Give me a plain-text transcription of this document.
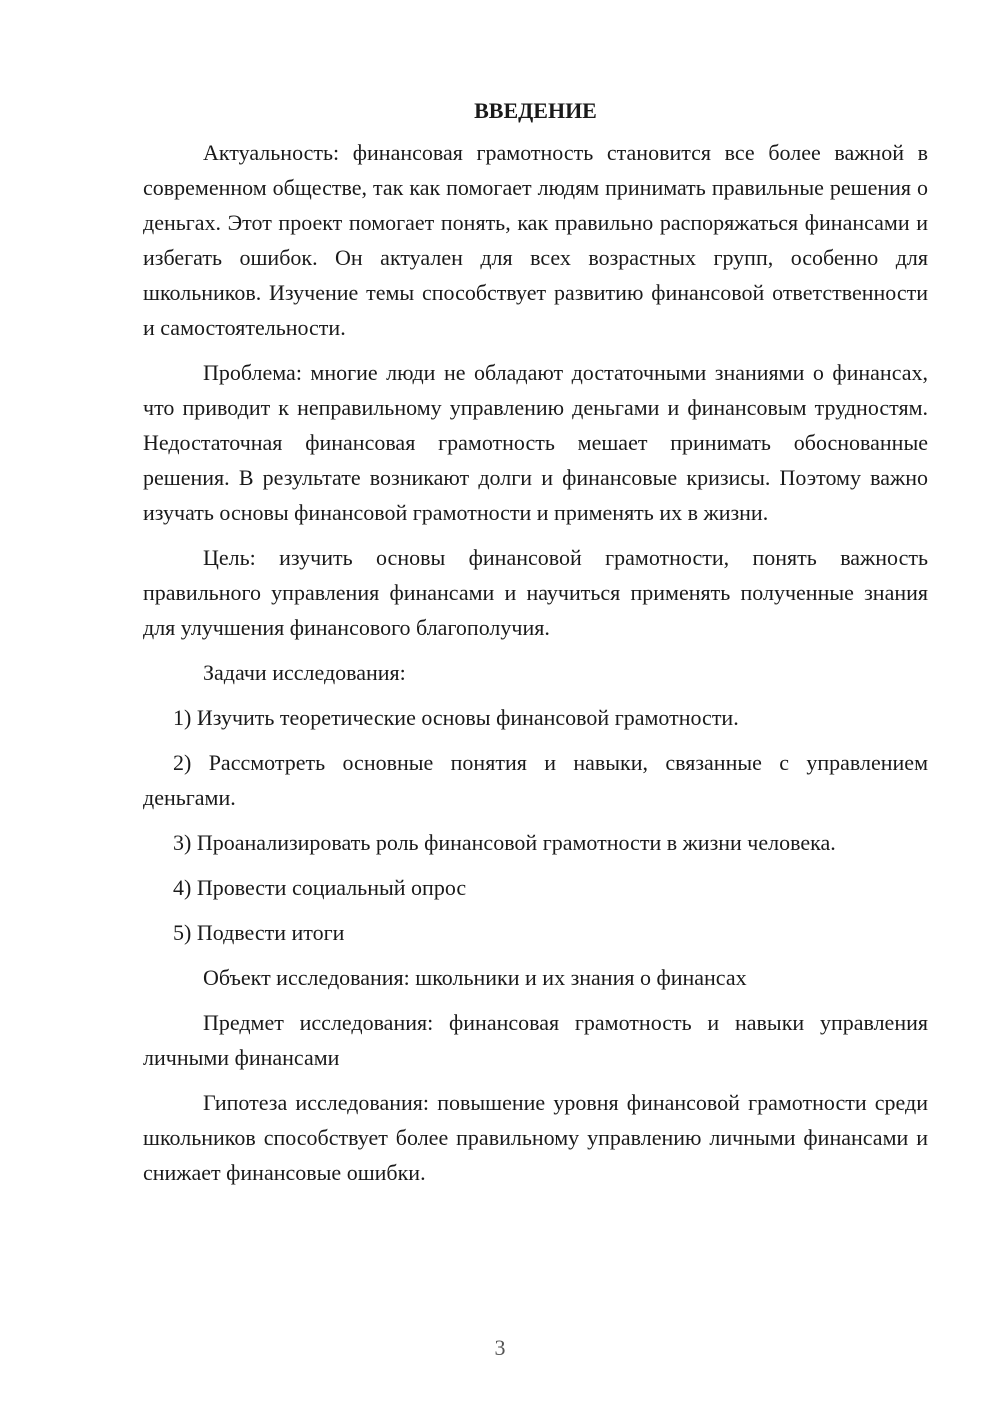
ВВЕДЕНИЕ

Актуальность: финансовая грамотность становится все более важной в современном обществе, так как помогает людям принимать правильные решения о деньгах. Этот проект помогает понять, как правильно распоряжаться финансами и избегать ошибок. Он актуален для всех возрастных групп, особенно для школьников. Изучение темы способствует развитию финансовой ответственности и самостоятельности.

Проблема: многие люди не обладают достаточными знаниями о финансах, что приводит к неправильному управлению деньгами и финансовым трудностям. Недостаточная финансовая грамотность мешает принимать обоснованные решения. В результате возникают долги и финансовые кризисы. Поэтому важно изучать основы финансовой грамотности и применять их в жизни.

Цель: изучить основы финансовой грамотности, понять важность правильного управления финансами и научиться применять полученные знания для улучшения финансового благополучия.

Задачи исследования:

1) Изучить теоретические основы финансовой грамотности.

2) Рассмотреть основные понятия и навыки, связанные с управлением деньгами.

3) Проанализировать роль финансовой грамотности в жизни человека.

4) Провести социальный опрос

5) Подвести итоги

Объект исследования: школьники и их знания о финансах

Предмет исследования: финансовая грамотность и навыки управления личными финансами

Гипотеза исследования: повышение уровня финансовой грамотности среди школьников способствует более правильному управлению личными финансами и снижает финансовые ошибки.

3
